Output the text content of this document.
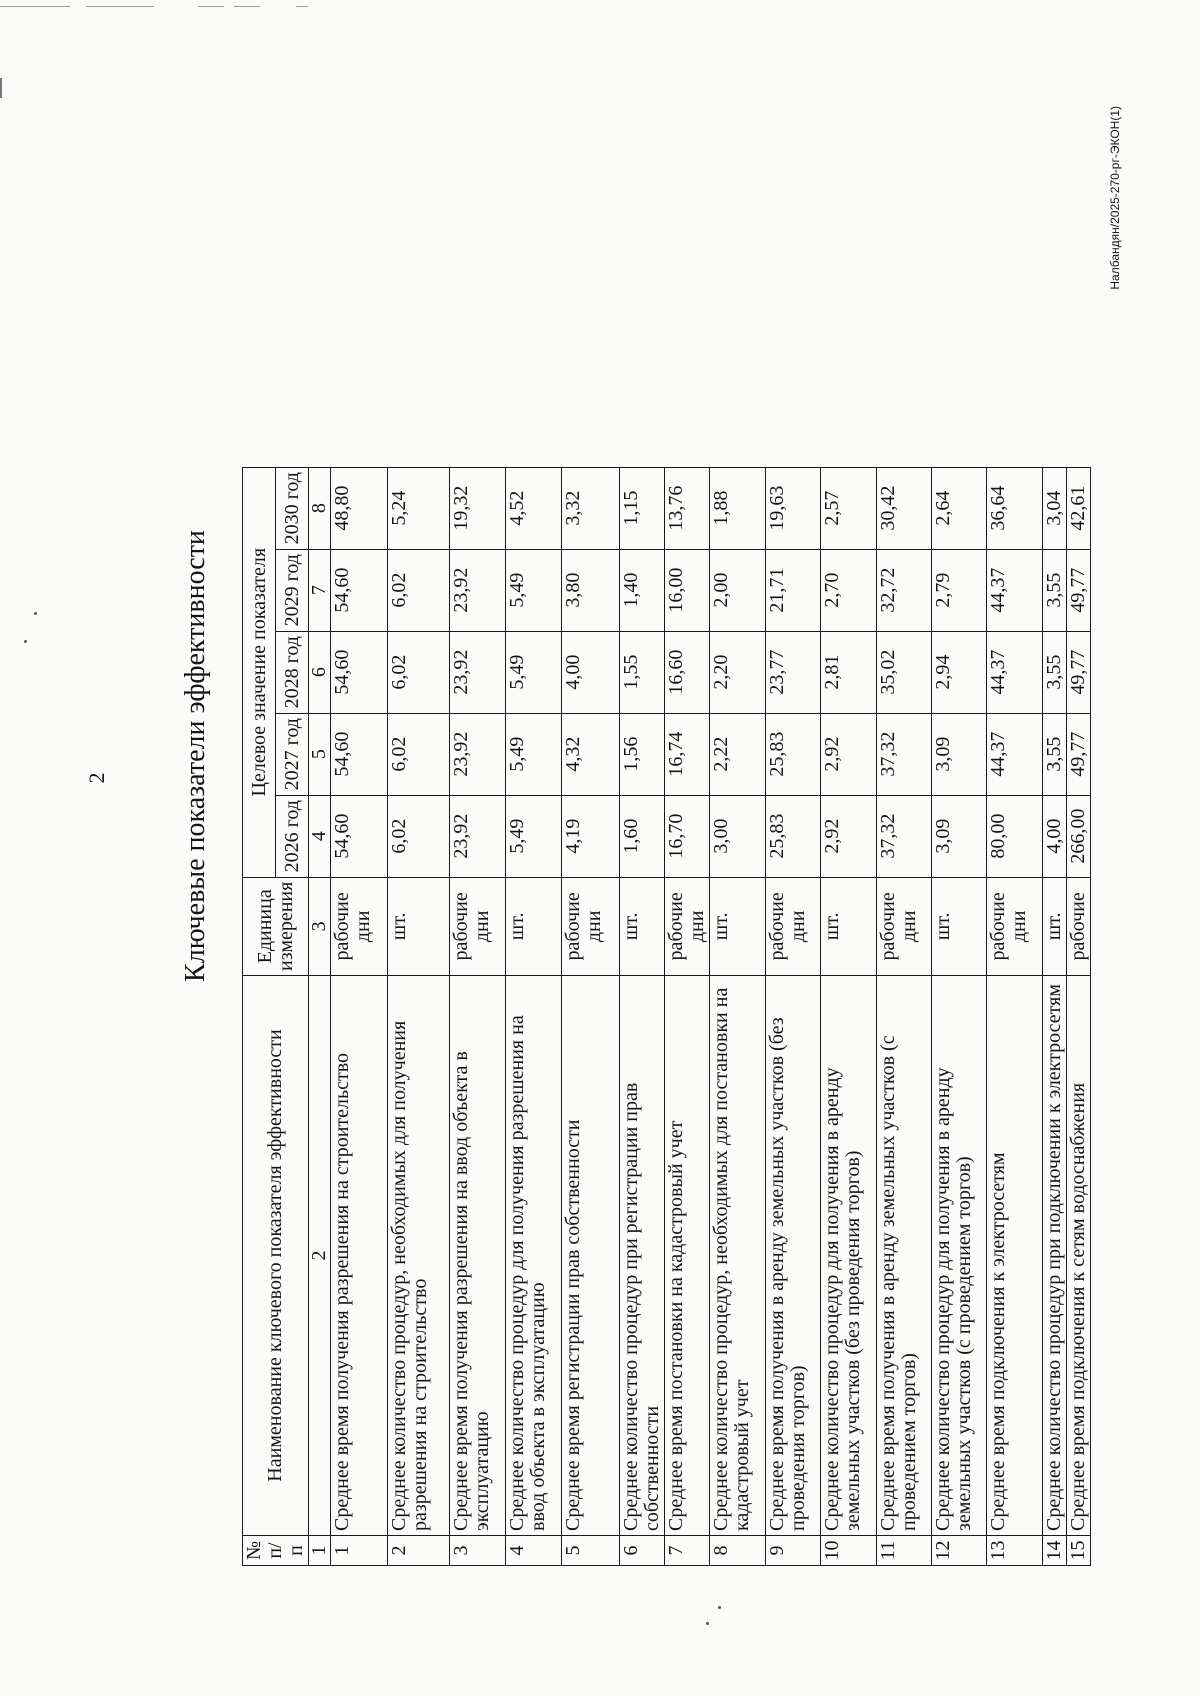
2	Ключевые показатели эффективности
№ п/п	Наименование ключевого показателя эффективности	Единица измерения	Целевое значение показателя				
			2026 год	2027 год	2028 год	2029 год	2030 год
1	2	3	4	5	6	7	8
1	Среднее время получения разрешения на строительство	рабочие дни	54,60	54,60	54,60	54,60	48,80
2	Среднее количество процедур, необходимых для получения разрешения на строительство	шт.	6,02	6,02	6,02	6,02	5,24
3	Среднее время получения разрешения на ввод объекта в эксплуатацию	рабочие дни	23,92	23,92	23,92	23,92	19,32
4	Среднее количество процедур для получения разрешения на ввод объекта в эксплуатацию	шт.	5,49	5,49	5,49	5,49	4,52
5	Среднее время регистрации прав собственности	рабочие дни	4,19	4,32	4,00	3,80	3,32
6	Среднее количество процедур при регистрации прав собственности	шт.	1,60	1,56	1,55	1,40	1,15
7	Среднее время постановки на кадастровый учет	рабочие дни	16,70	16,74	16,60	16,00	13,76
8	Среднее количество процедур, необходимых для постановки на кадастровый учет	шт.	3,00	2,22	2,20	2,00	1,88
9	Среднее время получения в аренду земельных участков (без проведения торгов)	рабочие дни	25,83	25,83	23,77	21,71	19,63
10	Среднее количество процедур для получения в аренду земельных участков (без проведения торгов)	шт.	2,92	2,92	2,81	2,70	2,57
11	Среднее время получения в аренду земельных участков (с проведением торгов)	рабочие дни	37,32	37,32	35,02	32,72	30,42
12	Среднее количество процедур для получения в аренду земельных участков (с проведением торгов)	шт.	3,09	3,09	2,94	2,79	2,64
13	Среднее время подключения к электросетям	рабочие дни	80,00	44,37	44,37	44,37	36,64
14	Среднее количество процедур при подключении к электросетям	шт.	4,00	3,55	3,55	3,55	3,04
15	Среднее время подключения к сетям водоснабжения	рабочие	266,00	49,77	49,77	49,77	42,61
Налбандян/2025-270-рг-ЭКОН(1)
